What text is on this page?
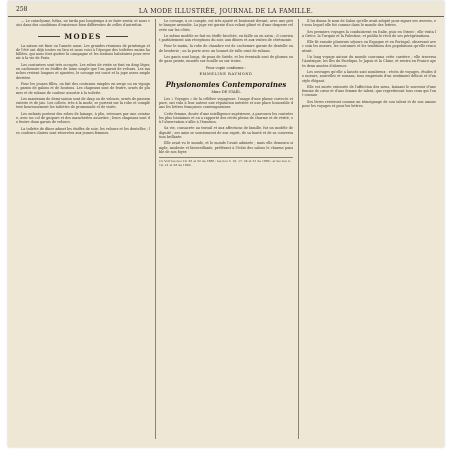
258	LA MODE ILLUSTRÉE, JOURNAL DE LA FAMILLE.

— Le cataclysme, hélas, ne tarda pas longtemps à se faire sentir, et nous voici dans des conditions d'existence bien différentes de celles d'autrefois.

MODES

La saison est finie ou l'année aussi. Les grandes réunions de printemps et de l'été ont déjà toutes eu lieu et nous voici à l'époque des toilettes moins habillées, qui nous font quitter la campagne et les stations balnéaires pour revenir à la vie de Paris.

Les couturiers sont très occupés. Les robes de visite se font en drap léger, en cachemire et en étoffes de laine souple que l'on garnit de velours. Les manches restent longues et ajustées, le corsage est court et la jupe assez ample derrière.

Pour les jeunes filles, on fait des costumes simples en serge ou en vigogne, garnis de galons et de boutons. Les chapeaux sont de feutre, ornés de plumes et de rubans de couleur assortie à la toilette.

Les manteaux de demi-saison sont de drap ou de velours, ornés de passementerie et de jais. Les collets, très à la mode, se portent sur la robe et complètent heureusement les toilettes de promenade et de visite.

Les enfants portent des robes de lainage, à plis, retenues par une ceinture, avec un col de guipure et des manchettes assorties ; leurs chapeaux sont de feutre doux garnis de velours.

La toilette de dîner admet les étoffes de soie, les velours et les dentelles ; les couleurs claires sont réservées aux jeunes femmes.

Le corsage, à ce compte, est très ajusté et boutonné devant, avec une petite basque arrondie. La jupe est garnie d'un volant plissé et d'une draperie relevée sur les côtés.

Le même modèle se fait en étoffe brochée, en faille ou en satin ; il convient parfaitement aux réceptions du soir, aux dîners et aux visites de cérémonie.

Pour le matin, la robe de chambre est de cachemire garnie de dentelle ou de broderie ; on la porte avec un bonnet de tulle orné de rubans.

Les gants sont longs, de peau de Suède, et les éventails sont de plumes ou de gaze peinte, montés sur écaille ou sur ivoire.

Pour copie conforme :
EMMELINE RAYMOND
Physionomies Contemporaines
Mme DE STAËL

Les « Voyages » de la célèbre voyageuse, l'usage d'une plume correcte et pure, ont valu à leur auteur une réputation méritée et une place honorable dans les lettres françaises contemporaines.

Cette femme, douée d'une intelligence supérieure, a parcouru les contrées les plus lointaines et en a rapporté des récits pleins de charme et de vérité, où l'observation s'allie à l'émotion.

Sa vie, consacrée au travail et aux affections de famille, fut un modèle de dignité ; ses amis se souviennent de son esprit, de sa bonté et de sa conversation brillante.

Elle avait vu le monde, et le monde l'avait admirée ; mais elle demeura simple, modeste et bienveillante, préférant à l'éclat des salons le charme paisible de son foyer.

(1) Voir les nos 19, 26 et 32 de 1888 ; les nos 3, 10, 17, 24 et 31 de 1889 ; et les nos 2, 14, 21 et 28 de 1890.

Il lui donna le nom de Salon qu'elle avait adopté pour signer ses œuvres, et sous lequel elle fut connue dans le monde des lettres.

Ses premiers voyages la conduisirent en Italie, puis en Orient ; elle visita la Grèce, la Turquie et la Palestine, et publia le récit de ses pérégrinations.

Elle fit ensuite plusieurs séjours en Espagne et en Portugal, observant avec soin les mœurs, les costumes et les traditions des populations qu'elle rencontrait.

Un long voyage autour du monde couronna cette carrière ; elle traversa l'Amérique, les îles du Pacifique, le Japon et la Chine, et rentra en France après deux années d'absence.

Les ouvrages qu'elle a laissés sont nombreux : récits de voyages, études de mœurs, nouvelles et romans, tous empreints d'un sentiment délicat et d'un style élégant.

Elle est morte entourée de l'affection des siens, laissant le souvenir d'une femme de cœur et d'une femme de talent, que regretteront tous ceux qui l'ont connue.

Ses livres resteront comme un témoignage de son talent et de son amour pour les voyages et pour les lettres.
